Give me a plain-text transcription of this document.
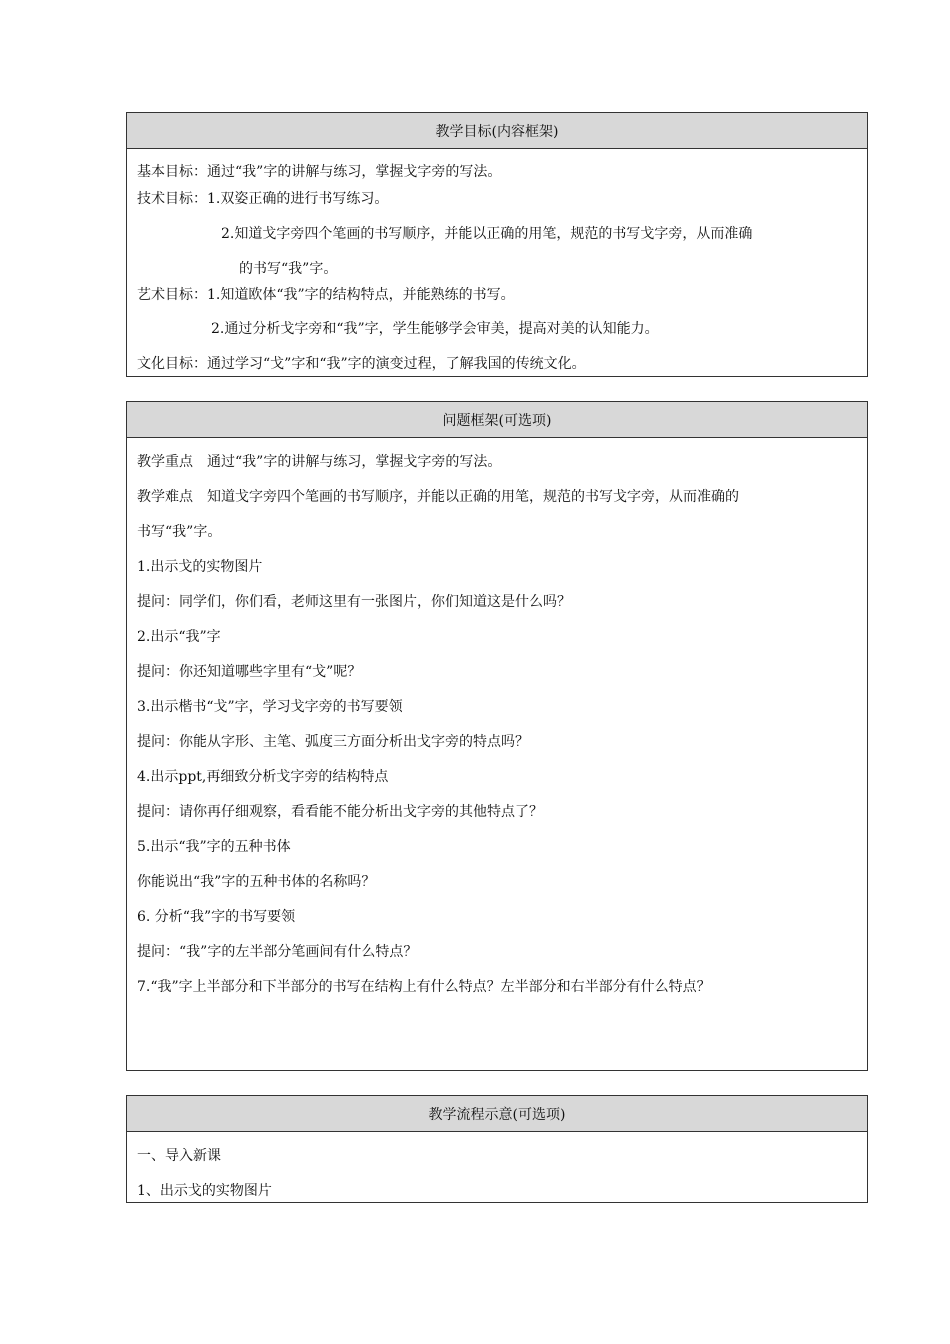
教学目标(内容框架)
基本目标：通过“我”字的讲解与练习，掌握戈字旁的写法。
技术目标：1.双姿正确的进行书写练习。
2.知道戈字旁四个笔画的书写顺序，并能以正确的用笔，规范的书写戈字旁，从而准确
的书写“我”字。
艺术目标：1.知道欧体“我”字的结构特点，并能熟练的书写。
2.通过分析戈字旁和“我”字，学生能够学会审美，提高对美的认知能力。
文化目标：通过学习“戈”字和“我”字的演变过程，了解我国的传统文化。
问题框架(可选项)
教学重点　通过“我”字的讲解与练习，掌握戈字旁的写法。
教学难点　知道戈字旁四个笔画的书写顺序，并能以正确的用笔，规范的书写戈字旁，从而准确的
书写“我”字。
1.出示戈的实物图片
提问：同学们，你们看，老师这里有一张图片，你们知道这是什么吗？
2.出示“我”字
提问：你还知道哪些字里有“戈”呢？
3.出示楷书“戈”字，学习戈字旁的书写要领
提问：你能从字形、主笔、弧度三方面分析出戈字旁的特点吗？
4.出示ppt,再细致分析戈字旁的结构特点
提问：请你再仔细观察，看看能不能分析出戈字旁的其他特点了？
5.出示“我”字的五种书体
你能说出“我”字的五种书体的名称吗？
6. 分析“我”字的书写要领
提问：“我”字的左半部分笔画间有什么特点？
7.“我”字上半部分和下半部分的书写在结构上有什么特点？左半部分和右半部分有什么特点？
教学流程示意(可选项)
一、导入新课
1、出示戈的实物图片
